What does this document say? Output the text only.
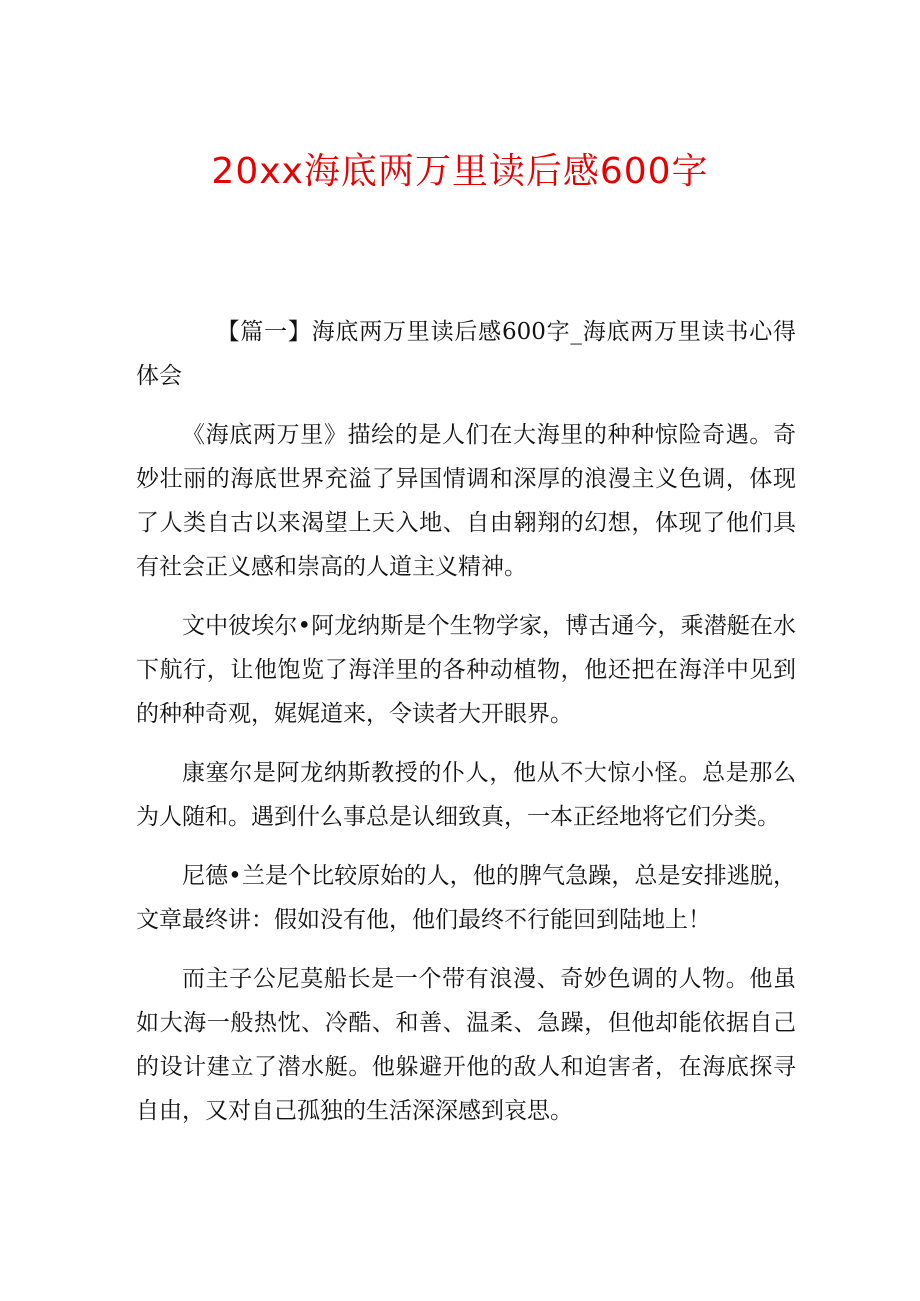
20xx海底两万里读后感600字

【篇一】海底两万里读后感600字_海底两万里读书心得体会

《海底两万里》描绘的是人们在大海里的种种惊险奇遇。奇妙壮丽的海底世界充溢了异国情调和深厚的浪漫主义色调，体现了人类自古以来渴望上天入地、自由翱翔的幻想，体现了他们具有社会正义感和崇高的人道主义精神。

文中彼埃尔•阿龙纳斯是个生物学家，博古通今，乘潜艇在水下航行，让他饱览了海洋里的各种动植物，他还把在海洋中见到的种种奇观，娓娓道来，令读者大开眼界。

康塞尔是阿龙纳斯教授的仆人，他从不大惊小怪。总是那么为人随和。遇到什么事总是认细致真，一本正经地将它们分类。

尼德•兰是个比较原始的人，他的脾气急躁，总是安排逃脱，文章最终讲：假如没有他，他们最终不行能回到陆地上！

而主子公尼莫船长是一个带有浪漫、奇妙色调的人物。他虽如大海一般热忱、冷酷、和善、温柔、急躁，但他却能依据自己的设计建立了潜水艇。他躲避开他的敌人和迫害者，在海底探寻自由，又对自己孤独的生活深深感到哀思。
